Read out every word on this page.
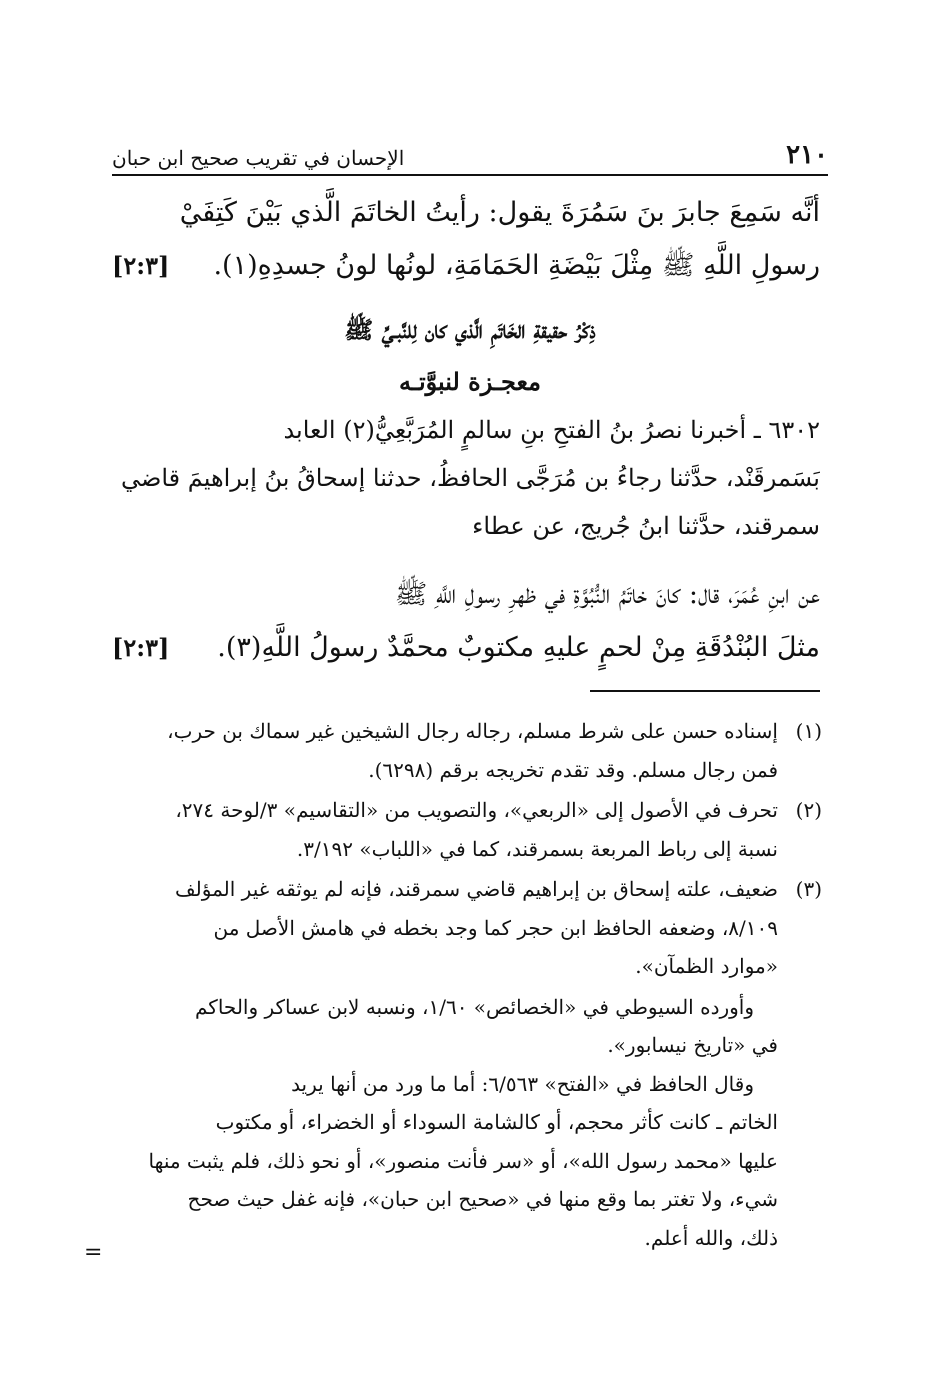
الإحسان في تقريب صحيح ابن حبان	٢١٠
أنَّه سَمِعَ جابرَ بنَ سَمُرَةَ يقول: رأيتُ الخاتَمَ الَّذي بَيْنَ كَتِفَيْ
رسولِ اللَّهِ ﷺ مِثْلَ بَيْضَةِ الحَمَامَةِ، لونُها لونُ جسدِهِ(١).
[٢:٣]
ذِكْرُ حقيقةِ الخَاتَمِ الَّذي كان لِلنَّبـيِّ ﷺ
معجـزة لنبوَّتـه
٦٣٠٢ ـ أخبرنا نصرُ بنُ الفتحِ بنِ سالمٍ المُرَبَّعِيُّ(٢) العابد
بَسَمرقَنْد، حدَّثنا رجاءُ بن مُرَجَّى الحافظُ، حدثنا إسحاقُ بنُ إبراهيمَ قاضي
سمرقند، حدَّثنا ابنُ جُريج، عن عطاء
عن ابنِ عُمَرَ، قال: كانَ خاتَمُ النُّبُوَّةِ في ظهرِ رسولِ اللَّهِ ﷺ
مثلَ البُنْدُقَةِ مِنْ لحمٍ عليهِ مكتوبٌ محمَّدٌ رسولُ اللَّهِ(٣).
[٢:٣]
(١)
إسناده حسن على شرط مسلم، رجاله رجال الشيخين غير سماك بن حرب،
فمن رجال مسلم. وقد تقدم تخريجه برقم (٦٢٩٨).
(٢)
تحرف في الأصول إلى «الربعي»، والتصويب من «التقاسيم» ٣/لوحة ٢٧٤،
نسبة إلى رباط المربعة بسمرقند، كما في «اللباب» ٣/١٩٢.
(٣)
ضعيف، علته إسحاق بن إبراهيم قاضي سمرقند، فإنه لم يوثقه غير المؤلف
٨/١٠٩، وضعفه الحافظ ابن حجر كما وجد بخطه في هامش الأصل من
«موارد الظمآن».
وأورده السيوطي في «الخصائص» ١/٦٠، ونسبه لابن عساكر والحاكم
في «تاريخ نيسابور».
وقال الحافظ في «الفتح» ٦/٥٦٣: أما ما ورد من أنها يريد
الخاتم ـ كانت كأثر محجم، أو كالشامة السوداء أو الخضراء، أو مكتوب
عليها «محمد رسول الله»، أو «سر فأنت منصور»، أو نحو ذلك، فلم يثبت منها
شيء، ولا تغتر بما وقع منها في «صحيح ابن حبان»، فإنه غفل حيث صحح
ذلك، والله أعلم.
=
